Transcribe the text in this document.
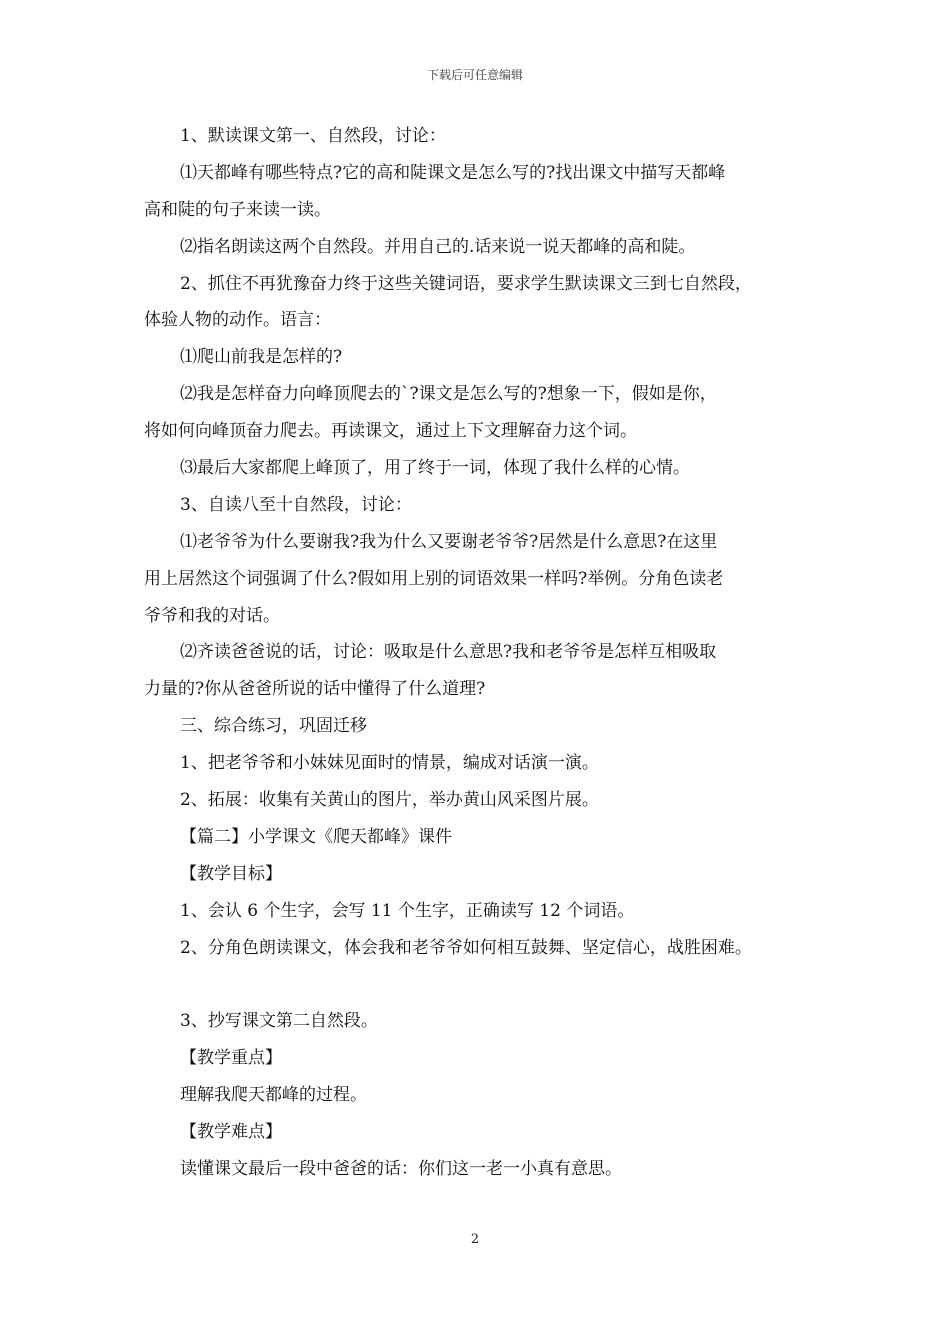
下载后可任意编辑
1、默读课文第一、自然段，讨论：
⑴天都峰有哪些特点?它的高和陡课文是怎么写的?找出课文中描写天都峰
高和陡的句子来读一读。
⑵指名朗读这两个自然段。并用自己的.话来说一说天都峰的高和陡。
2、抓住不再犹豫奋力终于这些关键词语，要求学生默读课文三到七自然段，
体验人物的动作。语言：
⑴爬山前我是怎样的?
⑵我是怎样奋力向峰顶爬去的`?课文是怎么写的?想象一下，假如是你，
将如何向峰顶奋力爬去。再读课文，通过上下文理解奋力这个词。
⑶最后大家都爬上峰顶了，用了终于一词，体现了我什么样的心情。
3、自读八至十自然段，讨论：
⑴老爷爷为什么要谢我?我为什么又要谢老爷爷?居然是什么意思?在这里
用上居然这个词强调了什么?假如用上别的词语效果一样吗?举例。分角色读老
爷爷和我的对话。
⑵齐读爸爸说的话，讨论：吸取是什么意思?我和老爷爷是怎样互相吸取
力量的?你从爸爸所说的话中懂得了什么道理?
三、综合练习，巩固迁移
1、把老爷爷和小妹妹见面时的情景，编成对话演一演。
2、拓展：收集有关黄山的图片，举办黄山风采图片展。
【篇二】小学课文《爬天都峰》课件
【教学目标】
1、会认 6 个生字，会写 11 个生字，正确读写 12 个词语。
2、分角色朗读课文，体会我和老爷爷如何相互鼓舞、坚定信心，战胜困难。
3、抄写课文第二自然段。
【教学重点】
理解我爬天都峰的过程。
【教学难点】
读懂课文最后一段中爸爸的话：你们这一老一小真有意思。
2
